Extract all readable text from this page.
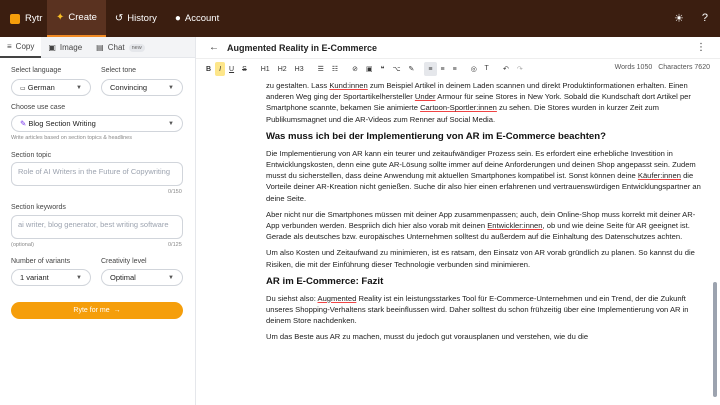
Rytr ✦ Create ↺ History ● Account	☀ ?
≡ Copy ▣ Image ▤ Chat	new
Select language
▭ German	▼
Select tone
Convincing	▼
Choose use case
✎ Blog Section Writing	▼
Write articles based on section topics & headlines
Section topic
Role of AI Writers in the Future of Copywriting
0/150
Section keywords
ai writer, blog generator, best writing software
(optional)	0/125
Number of variants
1 variant	▼
Creativity level
Optimal	▼
Ryte for me →
← Augmented Reality in E-Commerce	⋮
B	I	U	S	H1	H2	H3	☰	☷	⊘	▣	❝	⌥	✎	≡	≡	≡	◎	Ꭲ	↶	↷	Words 1050 Characters 7620

zu gestalten. Lass Kund:innen zum Beispiel Artikel in deinem Laden scannen und direkt Produktinformationen erhalten. Einen anderen Weg ging der Sportartikelhersteller Under Armour für seine Stores in New York. Sobald die Kundschaft dort Artikel per Smartphone scannte, bekamen Sie animierte Cartoon-Sportler:innen zu sehen. Die Stores wurden in kurzer Zeit zum Publikumsmagnet und die AR-Videos zum Renner auf Social Media.

Was muss ich bei der Implementierung von AR im E-Commerce beachten?

Die Implementierung von AR kann ein teurer und zeitaufwändiger Prozess sein. Es erfordert eine erhebliche Investition in Entwicklungskosten, denn eine gute AR-Lösung sollte immer auf deine Anforderungen und deinen Shop angepasst sein. Zudem musst du sicherstellen, dass deine Anwendung mit aktuellen Smartphones kompatibel ist. Sonst können deine Käufer:innen die Vorteile deiner AR-Kreation nicht genießen. Suche dir also hier einen erfahrenen und vertrauenswürdigen Entwicklungspartner an deine Seite.

Aber nicht nur die Smartphones müssen mit deiner App zusammenpassen; auch, dein Online-Shop muss korrekt mit deiner AR-App verbunden werden. Bespriich dich hier also vorab mit deinen Entwickler:innen, ob und wie deine Seite für AR geeignet ist. Gerade als deutsches bzw. europäisches Unternehmen solltest du außerdem auf die Einhaltung des Datenschutzes achten.

Um also Kosten und Zeitaufwand zu minimieren, ist es ratsam, den Einsatz von AR vorab gründlich zu planen. So kannst du die Risiken, die mit der Einführung dieser Technologie verbunden sind minimieren.

AR im E-Commerce: Fazit

Du siehst also: Augmented Reality ist ein leistungsstarkes Tool für E-Commerce-Unternehmen und ein Trend, der die Zukunft unseres Shopping-Verhaltens stark beeinflussen wird. Daher solltest du schon frühzeitig über eine Implementierung von AR in deinem Store nachdenken.

Um das Beste aus AR zu machen, musst du jedoch gut vorausplanen und verstehen, wie du die
